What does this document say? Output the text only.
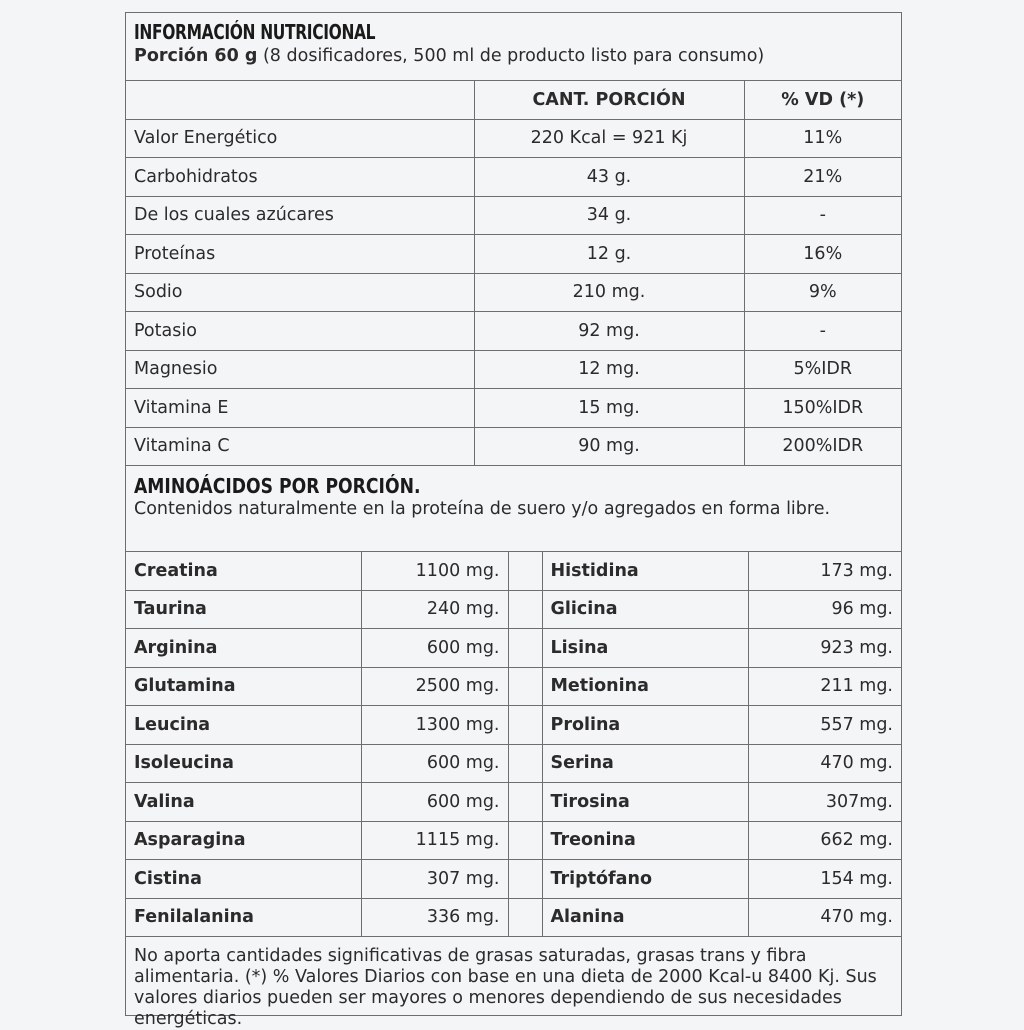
INFORMACIÓN NUTRICIONAL
Porción 60 g (8 dosificadores, 500 ml de producto listo para consumo)
	CANT. PORCIÓN	% VD (*)
Valor Energético	220 Kcal = 921 Kj	11%
Carbohidratos	43 g.	21%
De los cuales azúcares	34 g.	-
Proteínas	12 g.	16%
Sodio	210 mg.	9%
Potasio	92 mg.	-
Magnesio	12 mg.	5%IDR
Vitamina E	15 mg.	150%IDR
Vitamina C	90 mg.	200%IDR
AMINOÁCIDOS POR PORCIÓN.
Contenidos naturalmente en la proteína de suero y/o agregados en forma libre.
Creatina	1100 mg.		Histidina	173 mg.
Taurina	240 mg.		Glicina	96 mg.
Arginina	600 mg.		Lisina	923 mg.
Glutamina	2500 mg.		Metionina	211 mg.
Leucina	1300 mg.		Prolina	557 mg.
Isoleucina	600 mg.		Serina	470 mg.
Valina	600 mg.		Tirosina	307mg.
Asparagina	1115 mg.		Treonina	662 mg.
Cistina	307 mg.		Triptófano	154 mg.
Fenilalanina	336 mg.		Alanina	470 mg.
No aporta cantidades significativas de grasas saturadas, grasas trans y fibra alimentaria. (*) % Valores Diarios con base en una dieta de 2000 Kcal-u 8400 Kj. Sus valores diarios pueden ser mayores o menores dependiendo de sus necesidades energéticas.
